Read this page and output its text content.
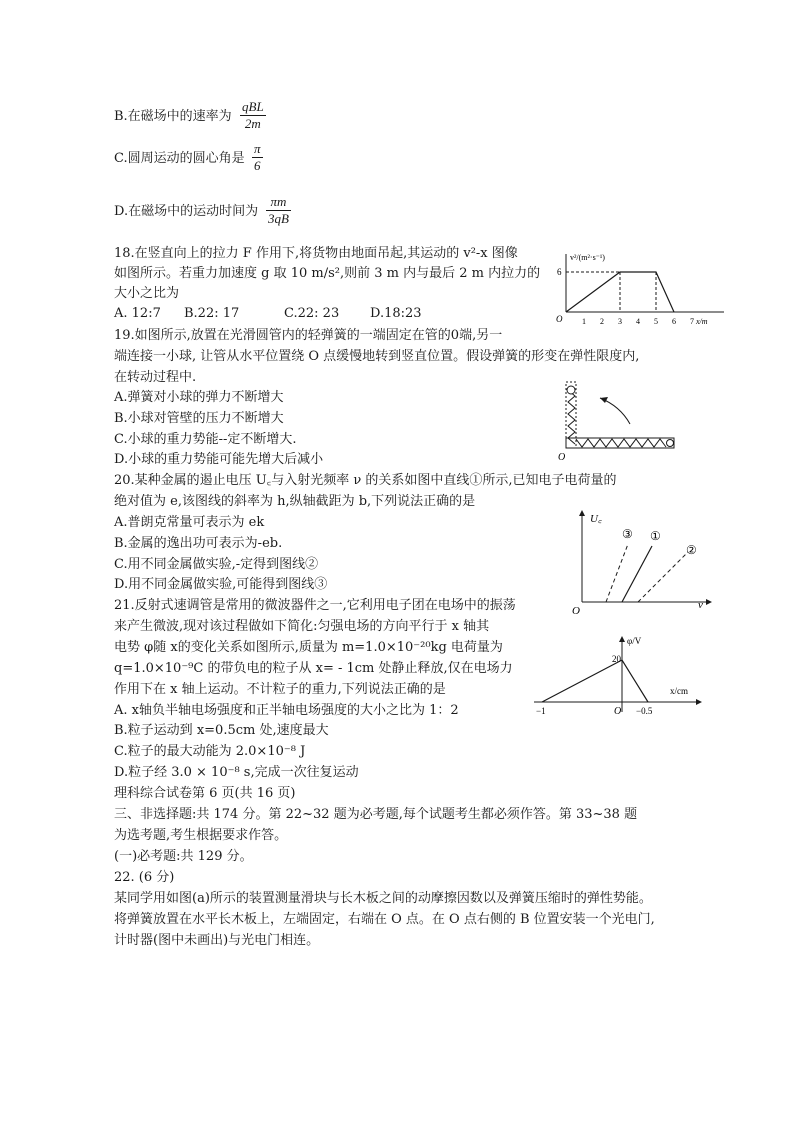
B.在磁场中的速率为
qBL
2m
C.圆周运动的圆心角是 $\frac{\pi}{6}$
D.在磁场中的运动时间为 $\frac{\pi m}{3qB}$
18.在竖直向上的拉力 F 作用下,将货物由地面吊起,其运动的 v²-x 图像
如图所示。若重力加速度 g 取 10 m/s²,则前 3 m 内与最后 2 m 内拉力的
大小之比为
A. 12:7 B.22: 17	C.22: 23 D.18:23
v²/(m²·s⁻¹)
x/m
O
6
1 2 3 4 5 6 7
19.如图所示,放置在光滑圆管内的轻弹簧的一端固定在管的0端,另一
端连接一小球, 让管从水平位置绕 O 点缓慢地转到竖直位置。假设弹簧的形变在弹性限度内,
在转动过程中.
A.弹簧对小球的弹力不断增大
B.小球对管壁的压力不断增大
C.小球的重力势能--定不断增大.
D.小球的重力势能可能先增大后减小	O
20.某种金属的遏止电压 U꜀与入射光频率 ν 的关系如图中直线①所示,已知电子电荷量的
绝对值为 e,该图线的斜率为 h,纵轴截距为 b,下列说法正确的是
A.普朗克常量可表示为 ek
B.金属的逸出功可表示为-eb.
C.用不同金属做实验,-定得到图线②
D.用不同金属做实验,可能得到图线③
U꜀
ν
O
③ ①
②
21.反射式速调管是常用的微波器件之一,它利用电子团在电场中的振荡
来产生微波,现对该过程做如下简化:匀强电场的方向平行于 x 轴其
电势 φ随 x的变化关系如图所示,质量为 m=1.0×10⁻²⁰kg 电荷量为
q=1.0×10⁻⁹C 的带负电的粒子从 x= - 1cm 处静止释放,仅在电场力
作用下在 x 轴上运动。不计粒子的重力,下列说法正确的是
A. x轴负半轴电场强度和正半轴电场强度的大小之比为 1：2
B.粒子运动到 x=0.5cm 处,速度最大
C.粒子的最大动能为 2.0×10⁻⁸ J
D.粒子经 3.0 × 10⁻⁸ s,完成一次往复运动
φ/V
x/cm
20
O
−1	−0.5
理科综合试卷第 6 页(共 16 页)
三、非选择题:共 174 分。第 22~32 题为必考题,每个试题考生都必须作答。第 33~38 题
为选考题,考生根据要求作答。
(一)必考题:共 129 分。
22. (6 分)
某同学用如图(a)所示的装置测量滑块与长木板之间的动摩擦因数以及弹簧压缩时的弹性势能。
将弹簧放置在水平长木板上，左端固定，右端在 O 点。在 O 点右侧的 B 位置安装一个光电门,
计时器(图中未画出)与光电门相连。
